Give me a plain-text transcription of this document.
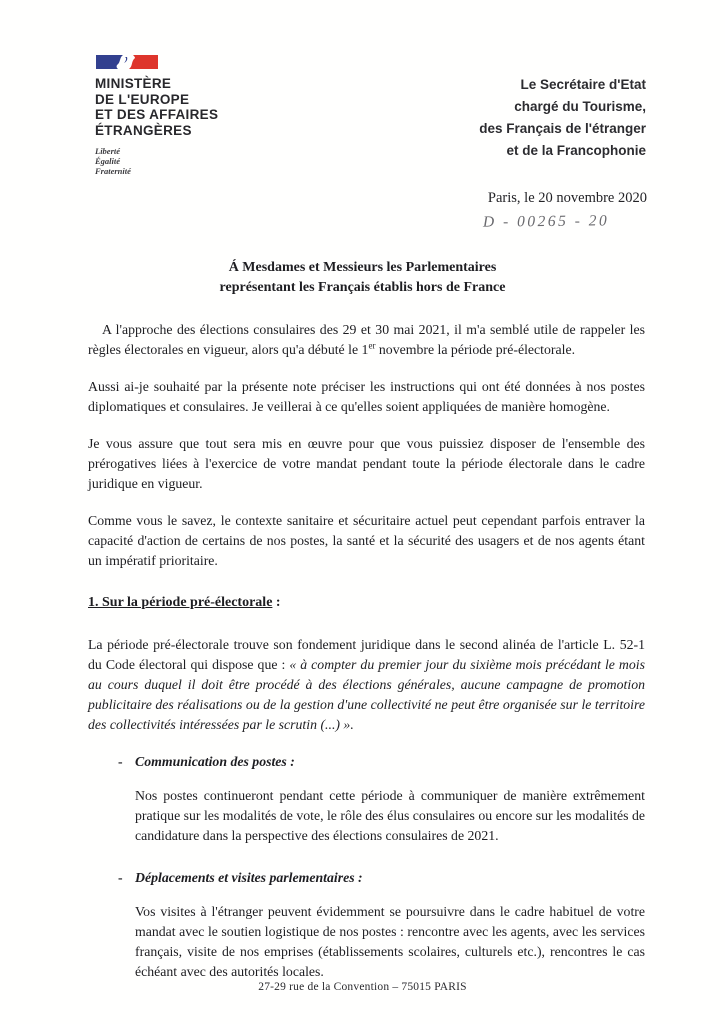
MINISTÈRE
DE L'EUROPE
ET DES AFFAIRES
ÉTRANGÈRES
Liberté
Égalité
Fraternité
Le Secrétaire d'Etat
chargé du Tourisme,
des Français de l'étranger
et de la Francophonie
Paris, le 20 novembre 2020
D - 00265 - 20
Á Mesdames et Messieurs les Parlementaires
représentant les Français établis hors de France

A l'approche des élections consulaires des 29 et 30 mai 2021, il m'a semblé utile de rappeler les règles électorales en vigueur, alors qu'a débuté le 1er novembre la période pré-électorale.

Aussi ai-je souhaité par la présente note préciser les instructions qui ont été données à nos postes diplomatiques et consulaires. Je veillerai à ce qu'elles soient appliquées de manière homogène.

Je vous assure que tout sera mis en œuvre pour que vous puissiez disposer de l'ensemble des prérogatives liées à l'exercice de votre mandat pendant toute la période électorale dans le cadre juridique en vigueur.

Comme vous le savez, le contexte sanitaire et sécuritaire actuel peut cependant parfois entraver la capacité d'action de certains de nos postes, la santé et la sécurité des usagers et de nos agents étant un impératif prioritaire.

1. Sur la période pré-électorale :

La période pré-électorale trouve son fondement juridique dans le second alinéa de l'article L. 52-1 du Code électoral qui dispose que : « à compter du premier jour du sixième mois précédant le mois au cours duquel il doit être procédé à des élections générales, aucune campagne de promotion publicitaire des réalisations ou de la gestion d'une collectivité ne peut être organisée sur le territoire des collectivités intéressées par le scrutin (...) ».

- Communication des postes :

Nos postes continueront pendant cette période à communiquer de manière extrêmement pratique sur les modalités de vote, le rôle des élus consulaires ou encore sur les modalités de candidature dans la perspective des élections consulaires de 2021.

- Déplacements et visites parlementaires :

Vos visites à l'étranger peuvent évidemment se poursuivre dans le cadre habituel de votre mandat avec le soutien logistique de nos postes : rencontre avec les agents, avec les services français, visite de nos emprises (établissements scolaires, culturels etc.), rencontres le cas échéant avec des autorités locales.

27-29 rue de la Convention – 75015 PARIS
